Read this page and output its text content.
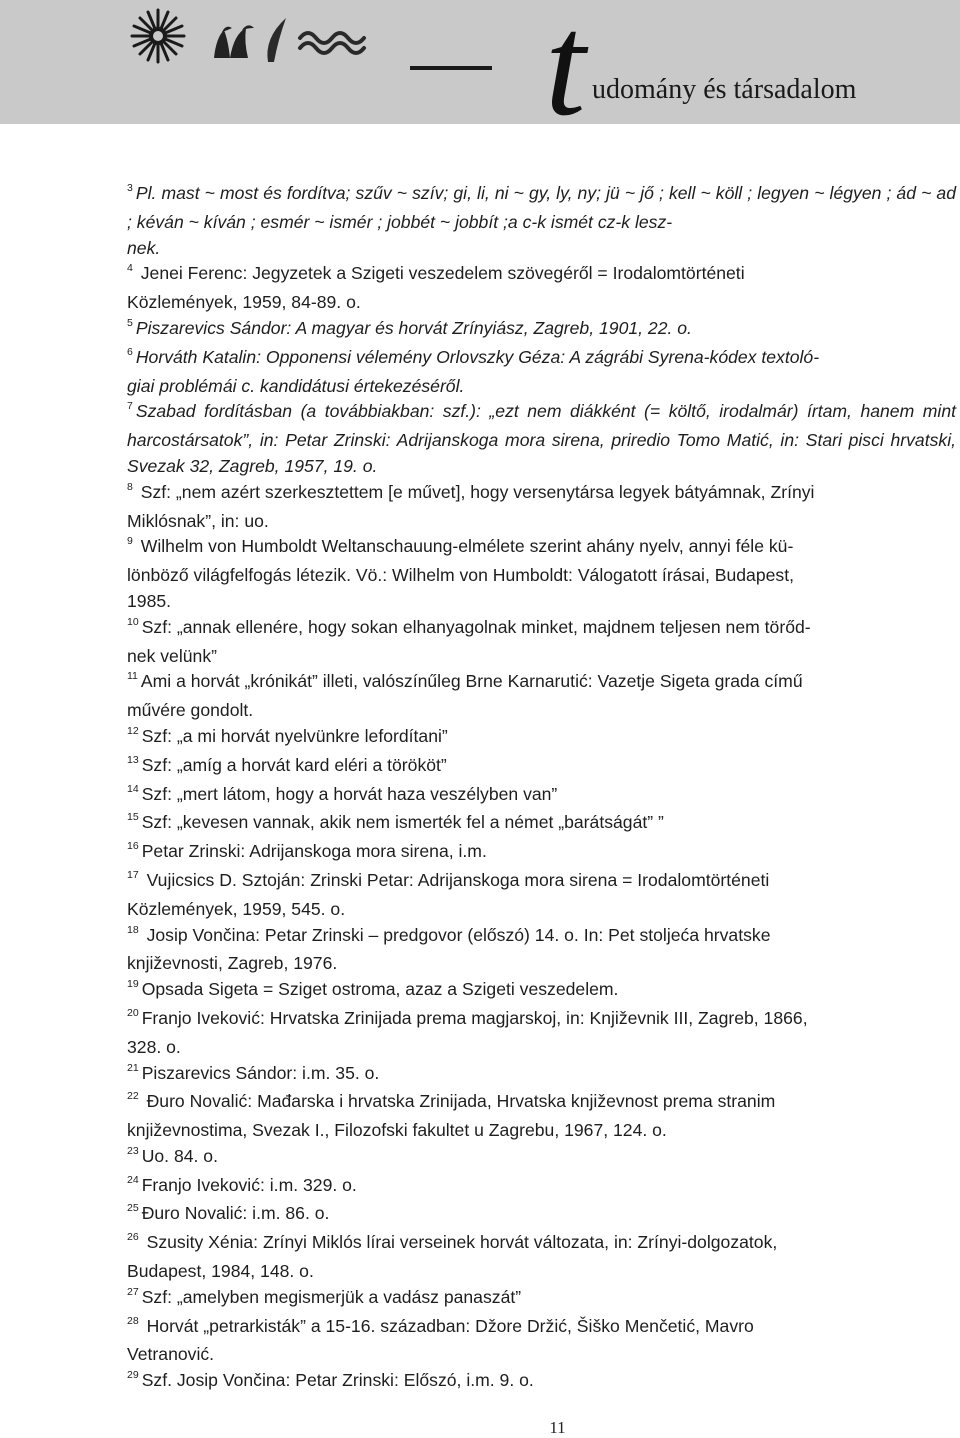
t udomány és társadalom

$^3$ Pl. mast ~ most és fordítva; szűv ~ szív; gi, li, ni ~ gy, ly, ny; jü ~ jő ; kell ~ köll ; legyen ~ légyen ; ád ~ ad ; kéván ~ kíván ; esmér ~ ismér ; jobbét ~ jobbít ;a c-k ismét cz-k lesz-
nek.

$^4$ Jenei Ferenc: Jegyzetek a Szigeti veszedelem szövegéről = Irodalomtörténeti
Közlemények, 1959, 84-89. o.

$^5$ Piszarevics Sándor: A magyar és horvát Zrínyiász, Zagreb, 1901, 22. o.

$^6$ Horváth Katalin: Opponensi vélemény Orlovszky Géza: A zágrábi Syrena-kódex textoló-
giai problémái c. kandidátusi értekezéséről.

$^7$ Szabad fordításban (a továbbiakban: szf.): „ezt nem diákként (= költő, irodalmár) írtam, hanem mint harcostársatok”, in: Petar Zrinski: Adrijanskoga mora sirena, priredio Tomo Matić, in: Stari pisci hrvatski, Svezak 32, Zagreb, 1957, 19. o.

$^8$ Szf: „nem azért szerkesztettem [e művet], hogy versenytársa legyek bátyámnak, Zrínyi
Miklósnak”, in: uo.

$^9$ Wilhelm von Humboldt Weltanschauung-elmélete szerint ahány nyelv, annyi féle kü-
lönböző világfelfogás létezik. Vö.: Wilhelm von Humboldt: Válogatott írásai, Budapest,
1985.

$^{10}$ Szf: „annak ellenére, hogy sokan elhanyagolnak minket, majdnem teljesen nem törőd-
nek velünk”

$^{11}$ Ami a horvát „krónikát” illeti, valószínűleg Brne Karnarutić: Vazetje Sigeta grada című
művére gondolt.

$^{12}$ Szf: „a mi horvát nyelvünkre lefordítani”

$^{13}$ Szf: „amíg a horvát kard eléri a törököt”

$^{14}$ Szf: „mert látom, hogy a horvát haza veszélyben van”

$^{15}$ Szf: „kevesen vannak, akik nem ismerték fel a német „barátságát” ”

$^{16}$ Petar Zrinski: Adrijanskoga mora sirena, i.m.

$^{17}$ Vujicsics D. Sztoján: Zrinski Petar: Adrijanskoga mora sirena = Irodalomtörténeti
Közlemények, 1959, 545. o.

$^{18}$ Josip Vončina: Petar Zrinski – predgovor (előszó) 14. o. In: Pet stoljeća hrvatske
književnosti, Zagreb, 1976.

$^{19}$ Opsada Sigeta = Sziget ostroma, azaz a Szigeti veszedelem.

$^{20}$ Franjo Iveković: Hrvatska Zrinijada prema magjarskoj, in: Književnik III, Zagreb, 1866,
328. o.

$^{21}$ Piszarevics Sándor: i.m. 35. o.

$^{22}$ Đuro Novalić: Mađarska i hrvatska Zrinijada, Hrvatska književnost prema stranim
književnostima, Svezak I., Filozofski fakultet u Zagrebu, 1967, 124. o.

$^{23}$ Uo. 84. o.

$^{24}$ Franjo Iveković: i.m. 329. o.

$^{25}$ Đuro Novalić: i.m. 86. o.

$^{26}$ Szusity Xénia: Zrínyi Miklós lírai verseinek horvát változata, in: Zrínyi-dolgozatok,
Budapest, 1984, 148. o.

$^{27}$ Szf: „amelyben megismerjük a vadász panaszát”

$^{28}$ Horvát „petrarkisták” a 15-16. században: Džore Držić, Šiško Menčetić, Mavro
Vetranović.

$^{29}$ Szf. Josip Vončina: Petar Zrinski: Előszó, i.m. 9. o.

11
